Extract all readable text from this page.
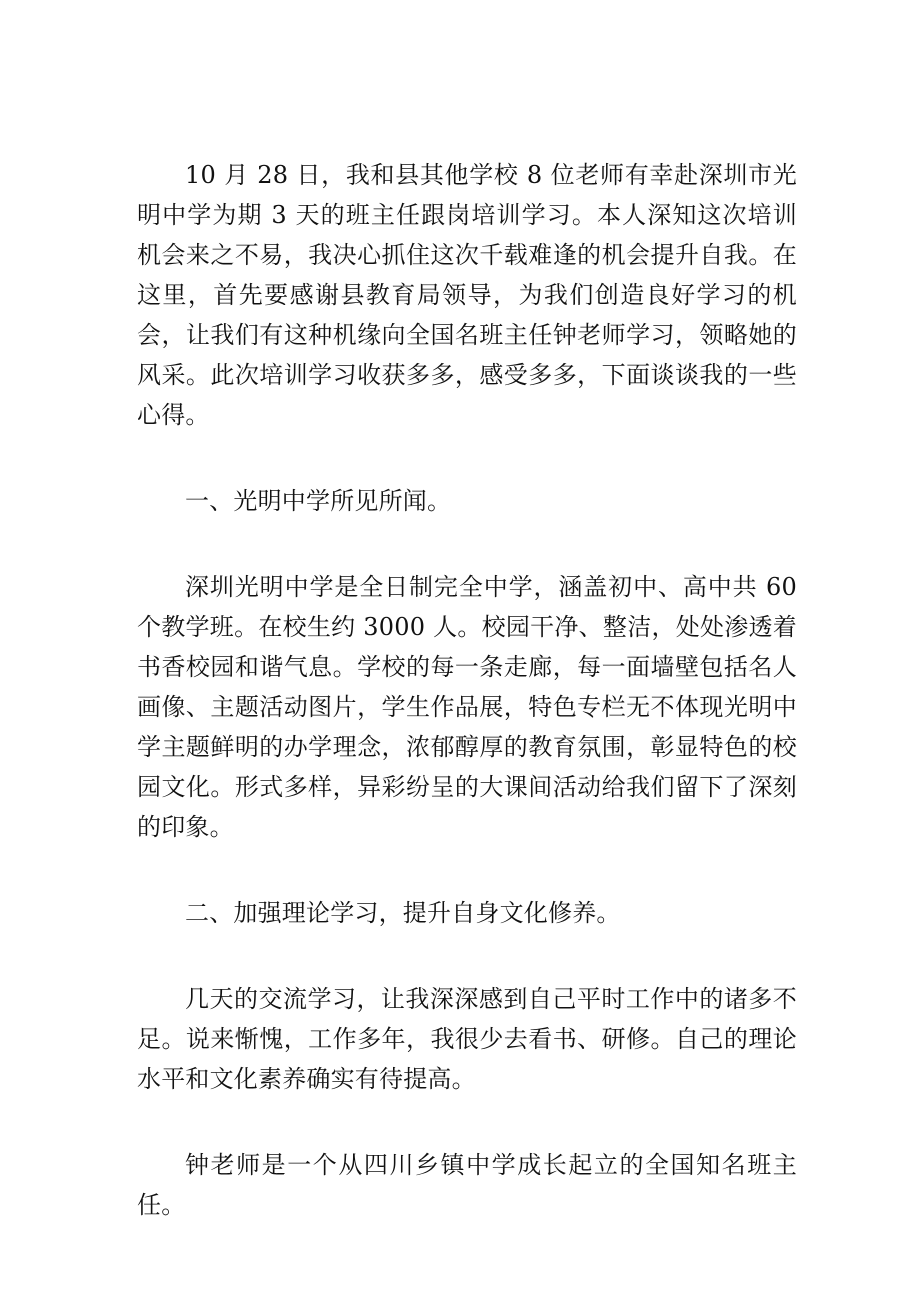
10 月 28 日，我和县其他学校 8 位老师有幸赴深圳市光明中学为期 3 天的班主任跟岗培训学习。本人深知这次培训机会来之不易，我决心抓住这次千载难逢的机会提升自我。在这里，首先要感谢县教育局领导，为我们创造良好学习的机会，让我们有这种机缘向全国名班主任钟老师学习，领略她的风采。此次培训学习收获多多，感受多多，下面谈谈我的一些心得。

一、光明中学所见所闻。

深圳光明中学是全日制完全中学，涵盖初中、高中共 60 个教学班。在校生约 3000 人。校园干净、整洁，处处渗透着书香校园和谐气息。学校的每一条走廊，每一面墙壁包括名人画像、主题活动图片，学生作品展，特色专栏无不体现光明中学主题鲜明的办学理念，浓郁醇厚的教育氛围，彰显特色的校园文化。形式多样，异彩纷呈的大课间活动给我们留下了深刻的印象。

二、加强理论学习，提升自身文化修养。

几天的交流学习，让我深深感到自己平时工作中的诸多不足。说来惭愧，工作多年，我很少去看书、研修。自己的理论水平和文化素养确实有待提高。

钟老师是一个从四川乡镇中学成长起立的全国知名班主任。
